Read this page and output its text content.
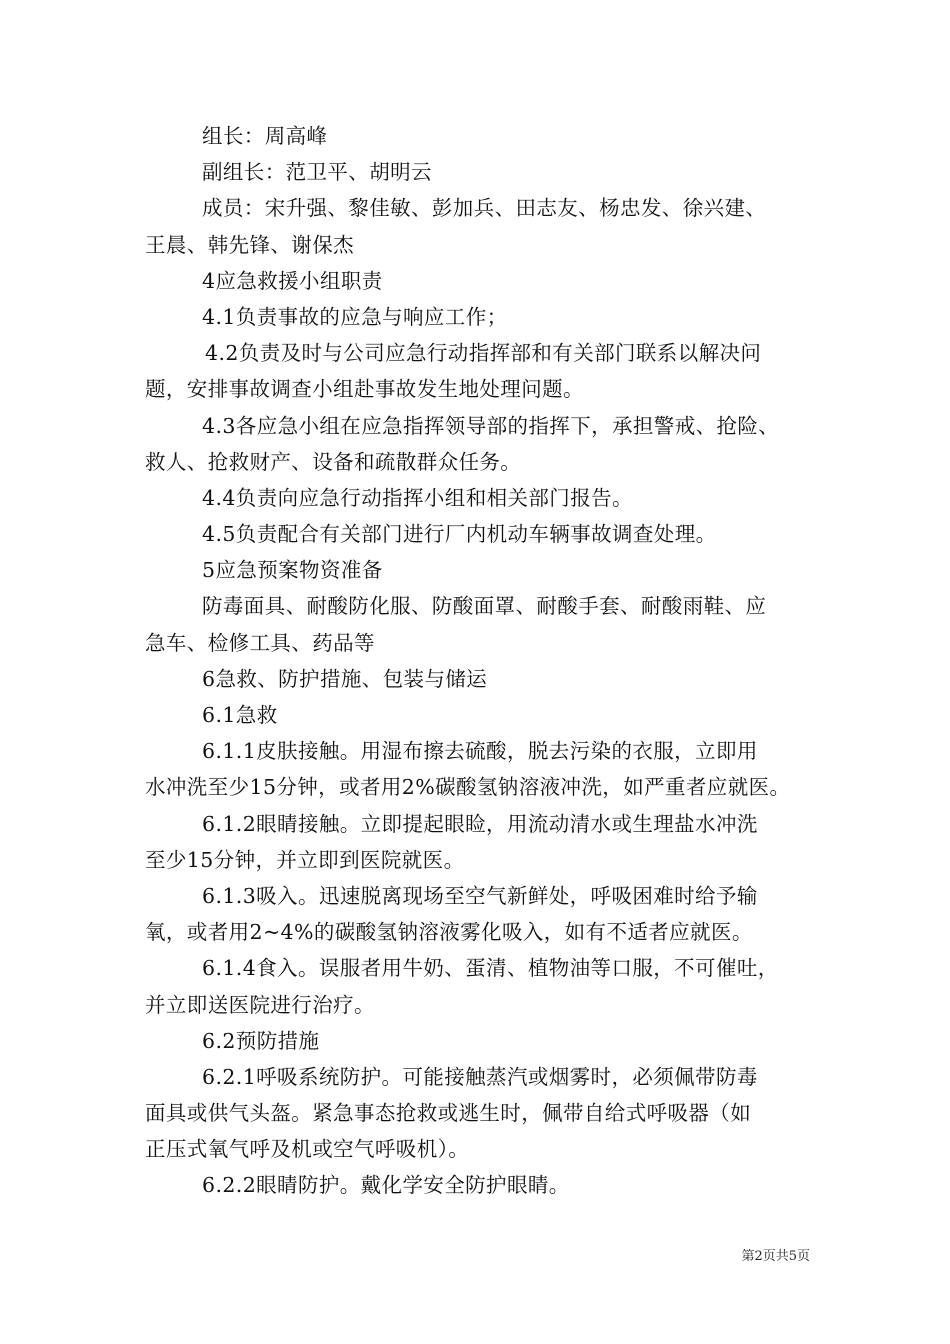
组长：周高峰
副组长：范卫平、胡明云
成员：宋升强、黎佳敏、彭加兵、田志友、杨忠发、徐兴建、
王晨、韩先锋、谢保杰
4应急救援小组职责
4.1负责事故的应急与响应工作；
4.2负责及时与公司应急行动指挥部和有关部门联系以解决问
题，安排事故调查小组赴事故发生地处理问题。
4.3各应急小组在应急指挥领导部的指挥下，承担警戒、抢险、
救人、抢救财产、设备和疏散群众任务。
4.4负责向应急行动指挥小组和相关部门报告。
4.5负责配合有关部门进行厂内机动车辆事故调查处理。
5应急预案物资准备
防毒面具、耐酸防化服、防酸面罩、耐酸手套、耐酸雨鞋、应
急车、检修工具、药品等
6急救、防护措施、包装与储运
6.1急救
6.1.1皮肤接触。用湿布擦去硫酸，脱去污染的衣服，立即用
水冲洗至少15分钟，或者用2%碳酸氢钠溶液冲洗，如严重者应就医。
6.1.2眼睛接触。立即提起眼睑，用流动清水或生理盐水冲洗
至少15分钟，并立即到医院就医。
6.1.3吸入。迅速脱离现场至空气新鲜处，呼吸困难时给予输
氧，或者用2~4%的碳酸氢钠溶液雾化吸入，如有不适者应就医。
6.1.4食入。误服者用牛奶、蛋清、植物油等口服，不可催吐，
并立即送医院进行治疗。
6.2预防措施
6.2.1呼吸系统防护。可能接触蒸汽或烟雾时，必须佩带防毒
面具或供气头盔。紧急事态抢救或逃生时，佩带自给式呼吸器（如
正压式氧气呼及机或空气呼吸机）。
6.2.2眼睛防护。戴化学安全防护眼睛。
第2页共5页
